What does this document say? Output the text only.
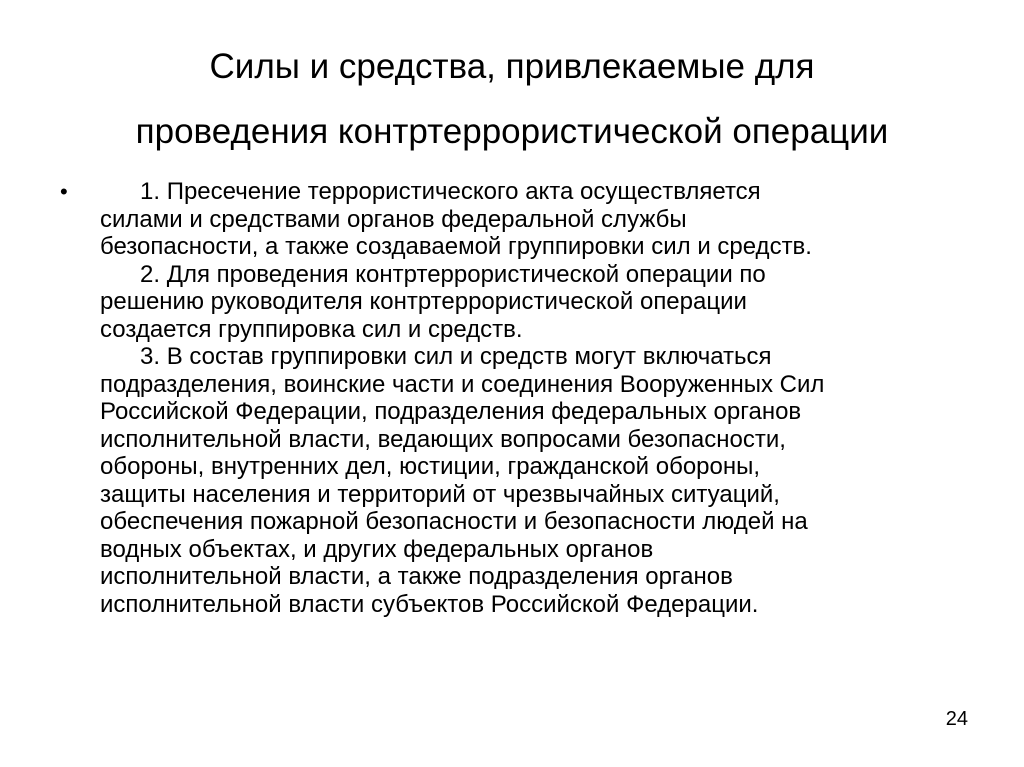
Силы и средства, привлекаемые для
проведения контртеррористической операции
• 1. Пресечение террористического акта осуществляется
силами и средствами органов федеральной службы
безопасности, а также создаваемой группировки сил и средств.
2. Для проведения контртеррористической операции по
решению руководителя контртеррористической операции
создается группировка сил и средств.
3. В состав группировки сил и средств могут включаться
подразделения, воинские части и соединения Вооруженных Сил
Российской Федерации, подразделения федеральных органов
исполнительной власти, ведающих вопросами безопасности,
обороны, внутренних дел, юстиции, гражданской обороны,
защиты населения и территорий от чрезвычайных ситуаций,
обеспечения пожарной безопасности и безопасности людей на
водных объектах, и других федеральных органов
исполнительной власти, а также подразделения органов
исполнительной власти субъектов Российской Федерации.
24
